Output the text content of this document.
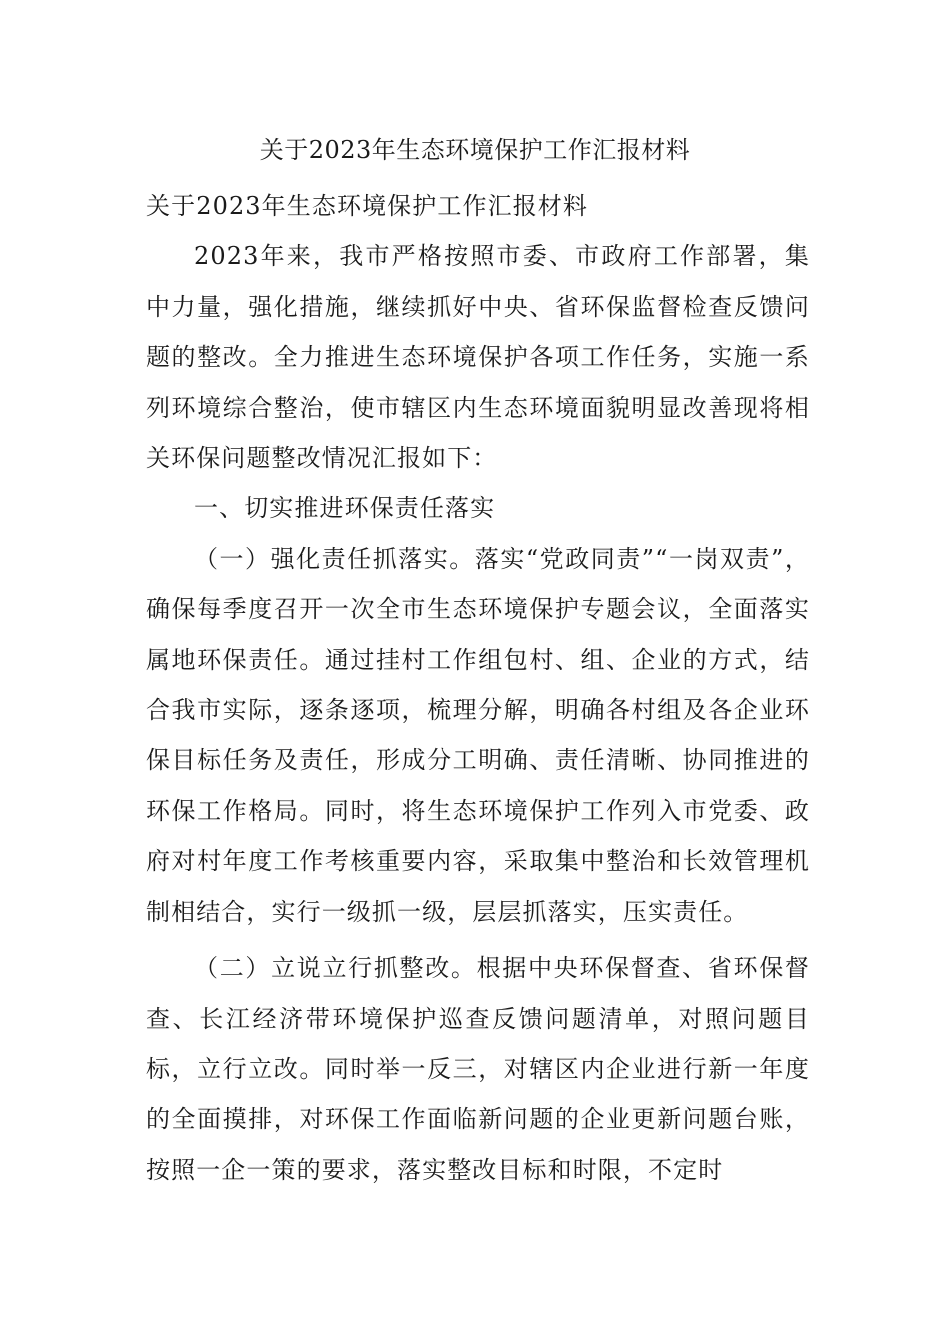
关于2023年生态环境保护工作汇报材料

关于2023年生态环境保护工作汇报材料

2023年来，我市严格按照市委、市政府工作部署，集中力量，强化措施，继续抓好中央、省环保监督检查反馈问题的整改。全力推进生态环境保护各项工作任务，实施一系列环境综合整治，使市辖区内生态环境面貌明显改善现将相关环保问题整改情况汇报如下：

一、切实推进环保责任落实

（一）强化责任抓落实。落实“党政同责”“一岗双责”，确保每季度召开一次全市生态环境保护专题会议，全面落实属地环保责任。通过挂村工作组包村、组、企业的方式，结合我市实际，逐条逐项，梳理分解，明确各村组及各企业环保目标任务及责任，形成分工明确、责任清晰、协同推进的环保工作格局。同时，将生态环境保护工作列入市党委、政府对村年度工作考核重要内容，采取集中整治和长效管理机制相结合，实行一级抓一级，层层抓落实，压实责任。

（二）立说立行抓整改。根据中央环保督查、省环保督查、长江经济带环境保护巡查反馈问题清单，对照问题目标，立行立改。同时举一反三，对辖区内企业进行新一年度的全面摸排，对环保工作面临新问题的企业更新问题台账，按照一企一策的要求，落实整改目标和时限，不定时
